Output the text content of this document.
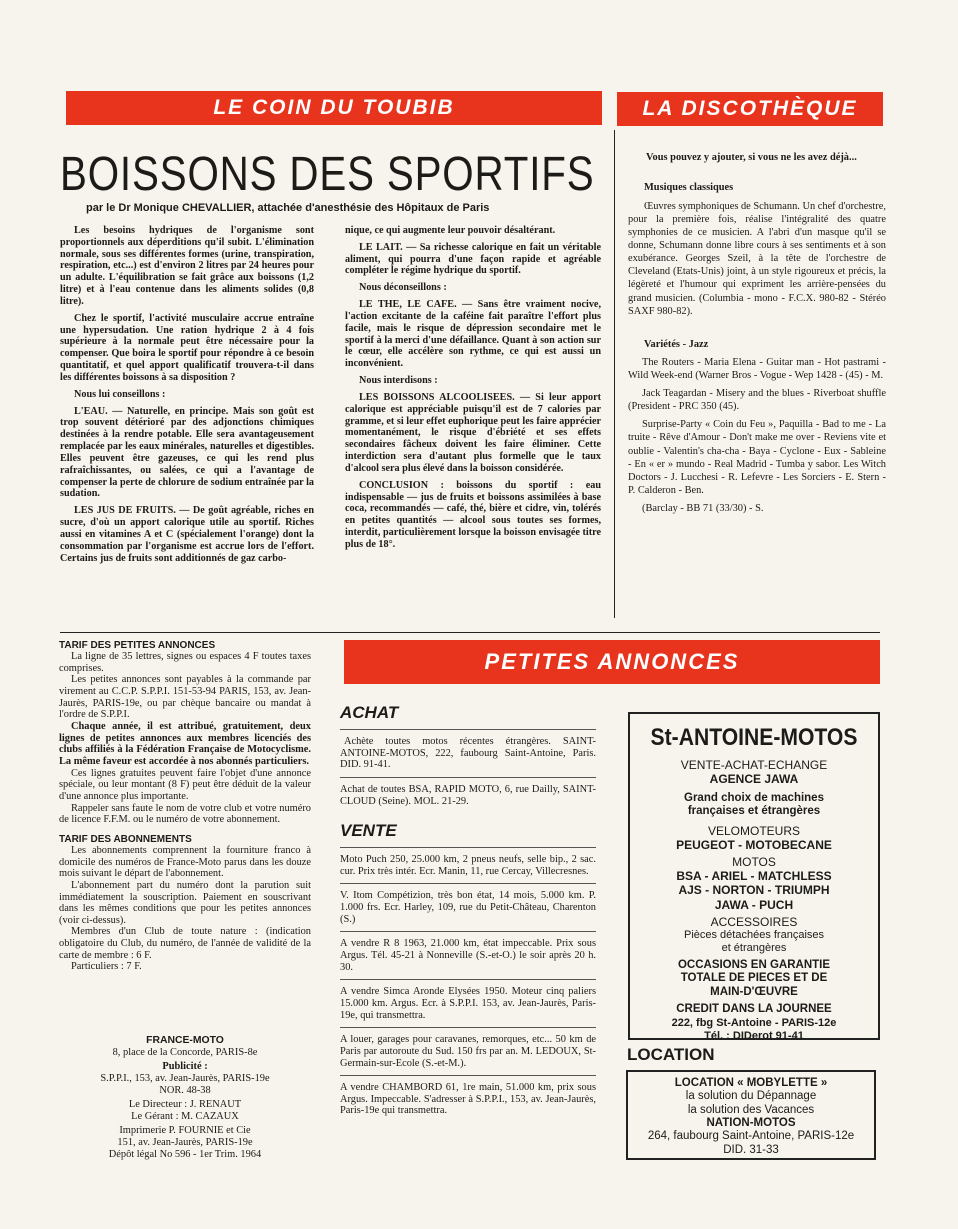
LE COIN DU TOUBIB	LA DISCOTHÈQUE
BOISSONS DES SPORTIFS
par le Dr Monique CHEVALLIER, attachée d'anesthésie des Hôpitaux de Paris

Les besoins hydriques de l'organisme sont proportionnels aux déperditions qu'il subit. L'élimination normale, sous ses différentes formes (urine, transpiration, respiration, etc...) est d'environ 2 litres par 24 heures pour un adulte. L'équilibration se fait grâce aux boissons (1,2 litre) et à l'eau contenue dans les aliments solides (0,8 litre).

Chez le sportif, l'activité musculaire accrue entraîne une hypersudation. Une ration hydrique 2 à 4 fois supérieure à la normale peut être nécessaire pour la compenser. Que boira le sportif pour répondre à ce besoin quantitatif, et quel apport qualificatif trouvera-t-il dans les différentes boissons à sa disposition ?

Nous lui conseillons :

L'EAU. — Naturelle, en principe. Mais son goût est trop souvent détérioré par des adjonctions chimiques destinées à la rendre potable. Elle sera avantageusement remplacée par les eaux minérales, naturelles et digestibles. Elles peuvent être gazeuses, ce qui les rend plus rafraîchissantes, ou salées, ce qui a l'avantage de compenser la perte de chlorure de sodium entraînée par la sudation.

LES JUS DE FRUITS. — De goût agréable, riches en sucre, d'où un apport calorique utile au sportif. Riches aussi en vitamines A et C (spécialement l'orange) dont la consommation par l'organisme est accrue lors de l'effort. Certains jus de fruits sont additionnés de gaz carbo-

nique, ce qui augmente leur pouvoir désaltérant.

LE LAIT. — Sa richesse calorique en fait un véritable aliment, qui pourra d'une façon rapide et agréable compléter le régime hydrique du sportif.

Nous déconseillons :

LE THE, LE CAFE. — Sans être vraiment nocive, l'action excitante de la caféine fait paraître l'effort plus facile, mais le risque de dépression secondaire met le sportif à la merci d'une défaillance. Quant à son action sur le cœur, elle accélère son rythme, ce qui est aussi un inconvénient.

Nous interdisons :

LES BOISSONS ALCOOLISEES. — Si leur apport calorique est appréciable puisqu'il est de 7 calories par gramme, et si leur effet euphorique peut les faire apprécier momentanément, le risque d'ébriété et ses effets secondaires fâcheux doivent les faire éliminer. Cette interdiction sera d'autant plus formelle que le taux d'alcool sera plus élevé dans la boisson considérée.

CONCLUSION : boissons du sportif : eau indispensable — jus de fruits et boissons assimilées à base coca, recommandés — café, thé, bière et cidre, vin, tolérés en petites quantités — alcool sous toutes ses formes, interdit, particulièrement lorsque la boisson envisagée titre plus de 18°.

Vous pouvez y ajouter, si vous ne les avez déjà...

Musiques classiques

Œuvres symphoniques de Schumann. Un chef d'orchestre, pour la première fois, réalise l'intégralité des quatre symphonies de ce musicien. A l'abri d'un masque qu'il se donne, Schumann donne libre cours à ses sentiments et à son exubérance. Georges Szeil, à la tête de l'orchestre de Cleveland (Etats-Unis) joint, à un style rigoureux et précis, la légèreté et l'humour qui expriment les arrière-pensées du grand musicien. (Columbia - mono - F.C.X. 980-82 - Stéréo SAXF 980-82).

Variétés - Jazz

The Routers - Maria Elena - Guitar man - Hot pastrami - Wild Week-end (Warner Bros - Vogue - Wep 1428 - (45) - M.

Jack Teagardan - Misery and the blues - Riverboat shuffle (President - PRC 350 (45).

Surprise-Party « Coin du Feu », Paquilla - Bad to me - La truite - Rêve d'Amour - Don't make me over - Reviens vite et oublie - Valentin's cha-cha - Baya - Cyclone - Eux - Sableine - En « er » mundo - Real Madrid - Tumba y sabor. Les Witch Doctors - J. Lucchesi - R. Lefevre - Les Sorciers - E. Stern - P. Calderon - Ben.

(Barclay - BB 71 (33/30) - S.

TARIF DES PETITES ANNONCES

La ligne de 35 lettres, signes ou espaces 4 F toutes taxes comprises.

Les petites annonces sont payables à la commande par virement au C.C.P. S.P.P.I. 151-53-94 PARIS, 153, av. Jean-Jaurès, PARIS-19e, ou par chèque bancaire ou mandat à l'ordre de S.P.P.I.

Chaque année, il est attribué, gratuitement, deux lignes de petites annonces aux membres licenciés des clubs affiliés à la Fédération Française de Motocyclisme. La même faveur est accordée à nos abonnés particuliers.

Ces lignes gratuites peuvent faire l'objet d'une annonce spéciale, ou leur montant (8 F) peut être déduit de la valeur d'une annonce plus importante.

Rappeler sans faute le nom de votre club et votre numéro de licence F.F.M. ou le numéro de votre abonnement.

TARIF DES ABONNEMENTS

Les abonnements comprennent la fourniture franco à domicile des numéros de France-Moto parus dans les douze mois suivant le départ de l'abonnement.

L'abonnement part du numéro dont la parution suit immédiatement la souscription. Paiement en souscrivant dans les mêmes conditions que pour les petites annonces (voir ci-dessus).

Membres d'un Club de toute nature : (indication obligatoire du Club, du numéro, de l'année de validité de la carte de membre : 6 F.

Particuliers : 7 F.

FRANCE-MOTO

8, place de la Concorde, PARIS-8e

Publicité :

S.P.P.I., 153, av. Jean-Jaurès, PARIS-19e

NOR. 48-38

Le Directeur : J. RENAUT

Le Gérant : M. CAZAUX

Imprimerie P. FOURNIE et Cie

151, av. Jean-Jaurès, PARIS-19e

Dépôt légal No 596 - 1er Trim. 1964

PETITES ANNONCES
ACHAT

Achète toutes motos récentes étrangères. SAINT-ANTOINE-MOTOS, 222, faubourg Saint-Antoine, Paris. DID. 91-41.

Achat de toutes BSA, RAPID MOTO, 6, rue Dailly, SAINT-CLOUD (Seine). MOL. 21-29.

VENTE

Moto Puch 250, 25.000 km, 2 pneus neufs, selle bip., 2 sac. cur. Prix très intér. Ecr. Manin, 11, rue Cercay, Villecresnes.

V. Itom Compétizion, très bon état, 14 mois, 5.000 km. P. 1.000 frs. Ecr. Harley, 109, rue du Petit-Château, Charenton (S.)

A vendre R 8 1963, 21.000 km, état impeccable. Prix sous Argus. Tél. 45-21 à Nonneville (S.-et-O.) le soir après 20 h. 30.

A vendre Simca Aronde Elysées 1950. Moteur cinq paliers 15.000 km. Argus. Ecr. à S.P.P.I. 153, av. Jean-Jaurès, Paris-19e, qui transmettra.

A louer, garages pour caravanes, remorques, etc... 50 km de Paris par autoroute du Sud. 150 frs par an. M. LEDOUX, St-Germain-sur-Ecole (S.-et-M.).

A vendre CHAMBORD 61, 1re main, 51.000 km, prix sous Argus. Impeccable. S'adresser à S.P.P.I., 153, av. Jean-Jaurès, Paris-19e qui transmettra.

St-ANTOINE-MOTOS

VENTE-ACHAT-ECHANGE

AGENCE JAWA

Grand choix de machines

françaises et étrangères

VELOMOTEURS

PEUGEOT - MOTOBECANE

MOTOS

BSA - ARIEL - MATCHLESS

AJS - NORTON - TRIUMPH

JAWA - PUCH

ACCESSOIRES

Pièces détachées françaises

et étrangères

OCCASIONS EN GARANTIE

TOTALE DE PIECES ET DE

MAIN-D'ŒUVRE

CREDIT DANS LA JOURNEE

222, fbg St-Antoine - PARIS-12e

Tél. : DIDerot 91-41

LOCATION

LOCATION « MOBYLETTE »

la solution du Dépannage

la solution des Vacances

NATION-MOTOS

264, faubourg Saint-Antoine, PARIS-12e

DID. 31-33
